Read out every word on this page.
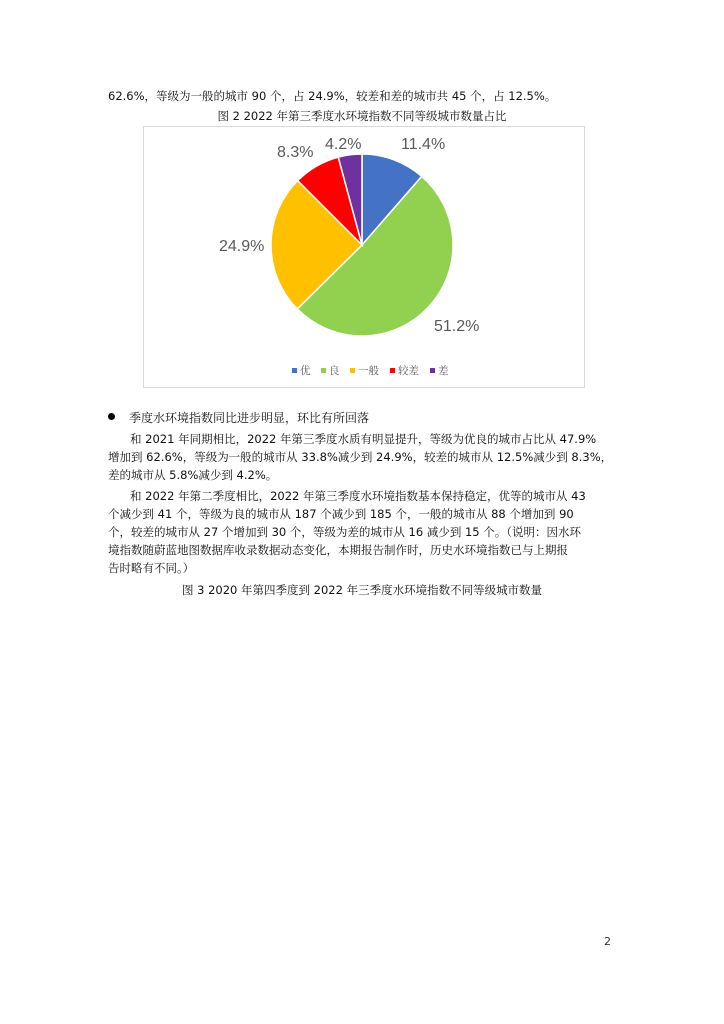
62.6%，等级为一般的城市 90 个，占 24.9%，较差和差的城市共 45 个，占 12.5%。
图 2 2022 年第三季度水环境指数不同等级城市数量占比
11.4%
51.2%
24.9%
8.3% 4.2%
优 良 一般 较差 差
季度水环境指数同比进步明显，环比有所回落
和 2021 年同期相比，2022 年第三季度水质有明显提升，等级为优良的城市占比从 47.9%
增加到 62.6%，等级为一般的城市从 33.8%减少到 24.9%，较差的城市从 12.5%减少到 8.3%，
差的城市从 5.8%减少到 4.2%。
和 2022 年第二季度相比，2022 年第三季度水环境指数基本保持稳定，优等的城市从 43
个减少到 41 个，等级为良的城市从 187 个减少到 185 个，一般的城市从 88 个增加到 90
个，较差的城市从 27 个增加到 30 个，等级为差的城市从 16 减少到 15 个。（说明：因水环
境指数随蔚蓝地图数据库收录数据动态变化，本期报告制作时，历史水环境指数已与上期报
告时略有不同。）
图 3 2020 年第四季度到 2022 年三季度水环境指数不同等级城市数量
2
